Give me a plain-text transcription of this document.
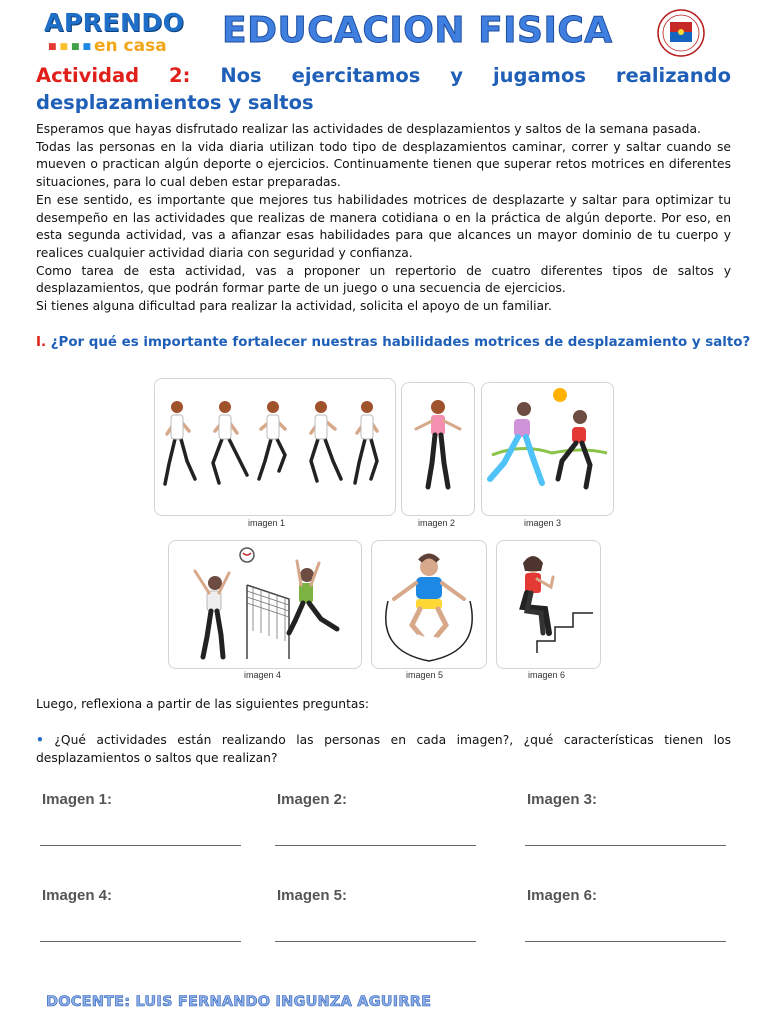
APRENDO
■■■■ en casa EDUCACION FISICA
Actividad 2: Nos ejercitamos y jugamos realizando desplazamientos y saltos

Esperamos que hayas disfrutado realizar las actividades de desplazamientos y saltos de la semana pasada.

Todas las personas en la vida diaria utilizan todo tipo de desplazamientos caminar, correr y saltar cuando se mueven o practican algún deporte o ejercicios. Continuamente tienen que superar retos motrices en diferentes situaciones, para lo cual deben estar preparadas.

En ese sentido, es importante que mejores tus habilidades motrices de desplazarte y saltar para optimizar tu desempeño en las actividades que realizas de manera cotidiana o en la práctica de algún deporte. Por eso, en esta segunda actividad, vas a afianzar esas habilidades para que alcances un mayor dominio de tu cuerpo y realices cualquier actividad diaria con seguridad y confianza.

Como tarea de esta actividad, vas a proponer un repertorio de cuatro diferentes tipos de saltos y desplazamientos, que podrán formar parte de un juego o una secuencia de ejercicios.

Si tienes alguna dificultad para realizar la actividad, solicita el apoyo de un familiar.

I. ¿Por qué es importante fortalecer nuestras habilidades motrices de desplazamiento y salto?
imagen 1	imagen 2	imagen 3
imagen 4	imagen 5	imagen 6
Luego, reflexiona a partir de las siguientes preguntas:
• ¿Qué actividades están realizando las personas en cada imagen?, ¿qué características tienen los desplazamientos o saltos que realizan?
Imagen 1:	Imagen 2:	Imagen 3:
Imagen 4:	Imagen 5:	Imagen 6:
DOCENTE: LUIS FERNANDO INGUNZA AGUIRRE
